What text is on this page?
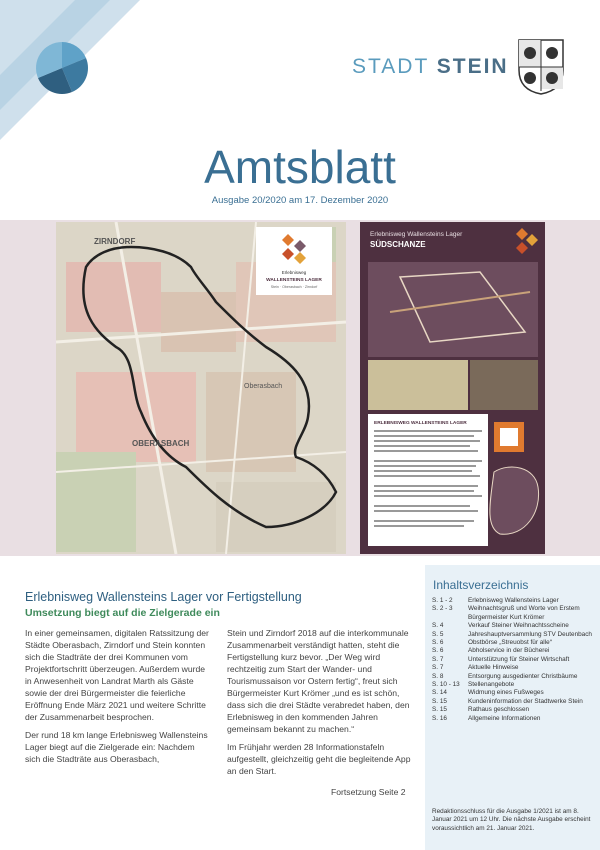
STADT STEIN
Amtsblatt
Ausgabe 20/2020 am 17. Dezember 2020
ZIRNDORF
Oberasbach
OBERASBACH
Erlebnisweg
WALLENSTEINS LAGER
Stein · Oberasbach · Zirndorf
Erlebnisweg Wallensteins Lager
SÜDSCHANZE
ERLEBNISWEG WALLENSTEINS LAGER
Erlebnisweg Wallensteins Lager vor Fertigstellung
Umsetzung biegt auf die Zielgerade ein

In einer gemeinsamen, digitalen Ratssitzung der Städte Oberasbach, Zirndorf und Stein konnten sich die Stadträte der drei Kommunen vom Projektfortschritt überzeugen. Außerdem wurde in Anwesenheit von Landrat Marth als Gäste sowie der drei Bürgermeister die feierliche Eröffnung Ende März 2021 und weitere Schritte der Zusammenarbeit besprochen.

Der rund 18 km lange Erlebnisweg Wallensteins Lager biegt auf die Zielgerade ein: Nachdem sich die Stadträte aus Oberasbach,

Stein und Zirndorf 2018 auf die interkommunale Zusammenarbeit verständigt hatten, steht die Fertigstellung kurz bevor. „Der Weg wird rechtzeitig zum Start der Wander- und Tourismussaison vor Ostern fertig“, freut sich Bürgermeister Kurt Krömer „und es ist schön, dass sich die drei Städte verabredet haben, den Erlebnisweg in den kommenden Jahren gemeinsam bekannt zu machen.“

Im Frühjahr werden 28 Informationstafeln aufgestellt, gleichzeitig geht die begleitende App an den Start.

Fortsetzung Seite 2
Inhaltsverzeichnis
S. 1 - 2	Erlebnisweg Wallensteins Lager
S. 2 - 3	Weihnachtsgruß und Worte von Erstem Bürgermeister Kurt Krömer
S. 4	Verkauf Steiner Weihnachtsscheine
S. 5	Jahreshauptversammlung STV Deutenbach
S. 6	Obstbörse „Streuobst für alle“
S. 6	Abholservice in der Bücherei
S. 7	Unterstützung für Steiner Wirtschaft
S. 7	Aktuelle Hinweise
S. 8	Entsorgung ausgedienter Christbäume
S. 10 - 13	Stellenangebote
S. 14	Widmung eines Fußweges
S. 15	Kundeninformation der Stadtwerke Stein
S. 15	Rathaus geschlossen
S. 16	Allgemeine Informationen
Redaktionsschluss für die Ausgabe 1/2021 ist am 8. Januar 2021 um 12 Uhr. Die nächste Ausgabe erscheint voraussichtlich am 21. Januar 2021.
